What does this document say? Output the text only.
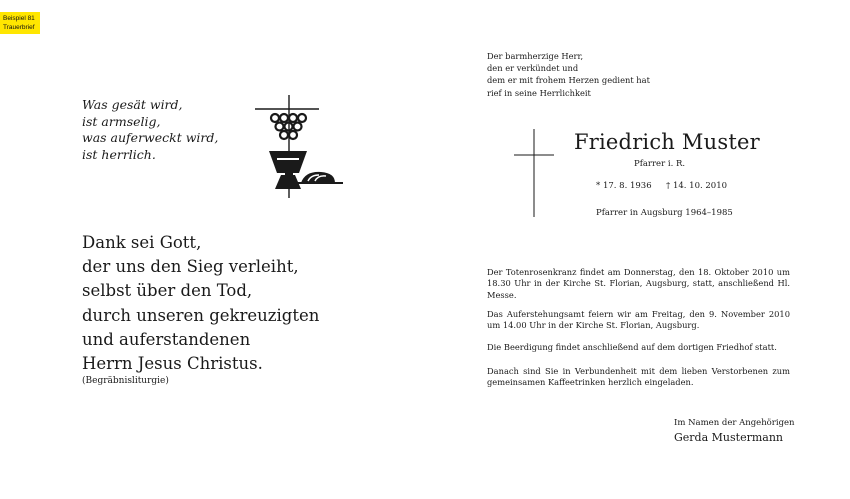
Beispiel 81
Trauerbrief
Was gesät wird,
ist armselig,
was auferweckt wird,
ist herrlich.
Dank sei Gott,
der uns den Sieg verleiht,
selbst über den Tod,
durch unseren gekreuzigten
und auferstandenen
Herrn Jesus Christus.
(Begräbnisliturgie)
Der barmherzige Herr,
den er verkündet und
dem er mit frohem Herzen gedient hat
rief in seine Herrlichkeit
Friedrich Muster
Pfarrer i. R.
* 17. 8. 1936 † 14. 10. 2010
Pfarrer in Augsburg 1964–1985
Der Totenrosenkranz findet am Donnerstag, den 18. Oktober 2010 um 18.30 Uhr in der Kirche St. Florian, Augsburg, statt, anschließend Hl. Messe.
Das Auferstehungsamt feiern wir am Freitag, den 9. November 2010 um 14.00 Uhr in der Kirche St. Florian, Augsburg.
Die Beerdigung findet anschließend auf dem dortigen Friedhof statt.
Danach sind Sie in Verbundenheit mit dem lieben Verstorbenen zum gemeinsamen Kaffeetrinken herzlich eingeladen.
Im Namen der Angehörigen
Gerda Mustermann
